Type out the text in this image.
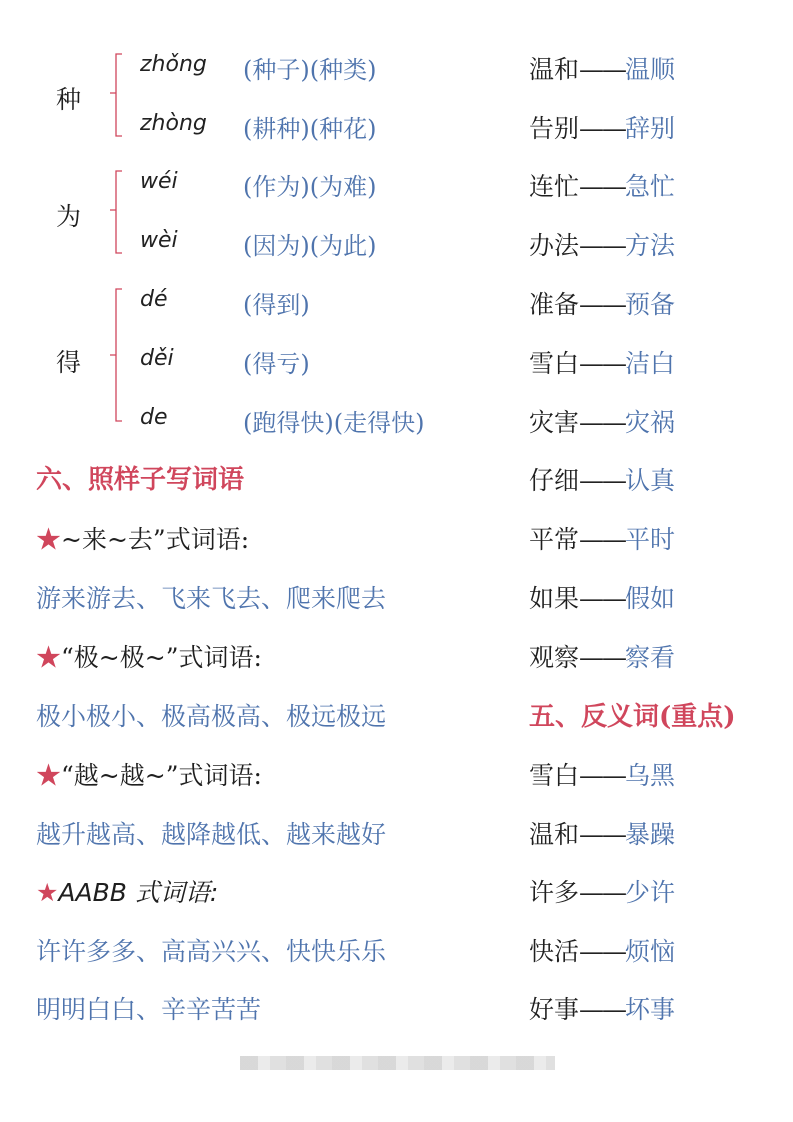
种
zhǒng (种子)(种类)
zhòng (耕种)(种花)
为
wéi	(作为)(为难)
wèi	(因为)(为此)
得
dé	(得到)
děi	(得亏)
de	(跑得快)(走得快)
六、照样子写词语
★~来~去”式词语:
游来游去、飞来飞去、爬来爬去
★“极~极~”式词语:
极小极小、极高极高、极远极远
★“越~越~”式词语:
越升越高、越降越低、越来越好
★AABB 式词语:
许许多多、高高兴兴、快快乐乐
明明白白、辛辛苦苦
温和——温顺
告别——辞别
连忙——急忙
办法——方法
准备——预备
雪白——洁白
灾害——灾祸
仔细——认真
平常——平时
如果——假如
观察——察看
五、反义词(重点)
雪白——乌黑
温和——暴躁
许多——少许
快活——烦恼
好事——坏事
